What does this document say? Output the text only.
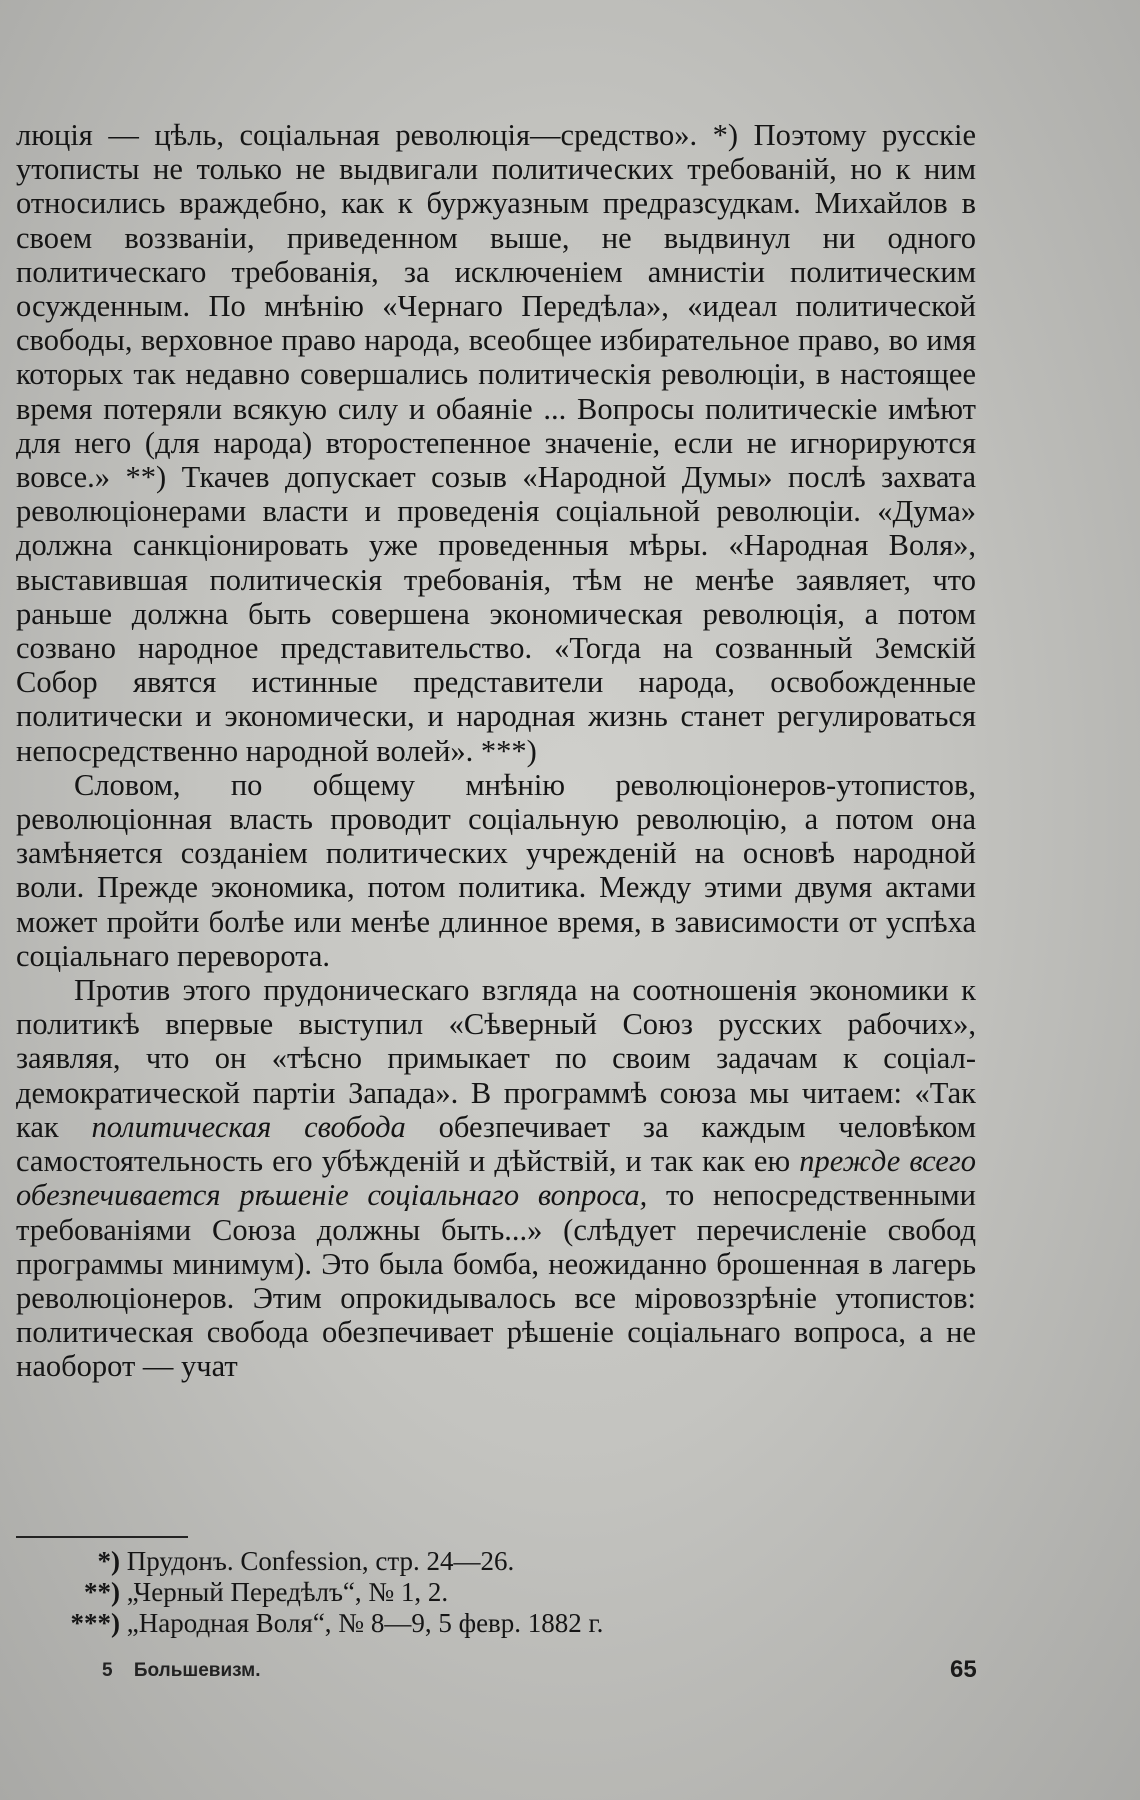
люція — цѣль, соціальная революція—средство». *) Поэтому русскіе утописты не только не выдвигали политических требованій, но к ним относились враждебно, как к буржуазным предразсудкам. Михайлов в своем воззваніи, приведенном выше, не выдвинул ни одного политическаго требованія, за исключеніем амнистіи политическим осужденным. По мнѣнію «Чернаго Передѣла», «идеал политической свободы, верховное право народа, всеобщее избирательное право, во имя которых так недавно совершались политическія революціи, в настоящее время потеряли всякую силу и обаяніе ... Вопросы политическіе имѣют для него (для народа) второстепенное значеніе, если не игнорируются вовсе.» **) Ткачев допускает созыв «Народной Думы» послѣ захвата революціонерами власти и проведенія соціальной революціи. «Дума» должна санкціонировать уже проведенныя мѣры. «Народная Воля», выставившая политическія требованія, тѣм не менѣе заявляет, что раньше должна быть совершена экономическая революція, а потом созвано народное представительство. «Тогда на созванный Земскій Собор явятся истинные представители народа, освобожденные политически и экономически, и народная жизнь станет регулироваться непосредственно народной волей». ***)

Словом, по общему мнѣнію революціонеров-утопистов, революціонная власть проводит соціальную революцію, а потом она замѣняется созданіем политических учрежденій на основѣ народной воли. Прежде экономика, потом политика. Между этими двумя актами может пройти болѣе или менѣе длинное время, в зависимости от успѣха соціальнаго переворота.

Против этого прудоническаго взгляда на соотношенія экономики к политикѣ впервые выступил «Сѣверный Союз русских рабочих», заявляя, что он «тѣсно примыкает по своим задачам к соціал-демократической партіи Запада». В программѣ союза мы читаем: «Так как политическая свобода обезпечивает за каждым человѣком самостоятельность его убѣжденій и дѣйствій, и так как ею прежде всего обезпечивается рѣшеніе соціальнаго вопроса, то непосредственными требованіями Союза должны быть...» (слѣдует перечисленіе свобод программы минимум). Это была бомба, неожиданно брошенная в лагерь революціонеров. Этим опрокидывалось все міровоззрѣніе утопистов: политическая свобода обезпечивает рѣшеніе соціальнаго вопроса, а не наоборот — учат

*) Прудонъ. Confession, стр. 24—26.
**) „Черный Передѣлъ“, № 1, 2.
***) „Народная Воля“, № 8—9, 5 февр. 1882 г.
5 Большевизм.	65
